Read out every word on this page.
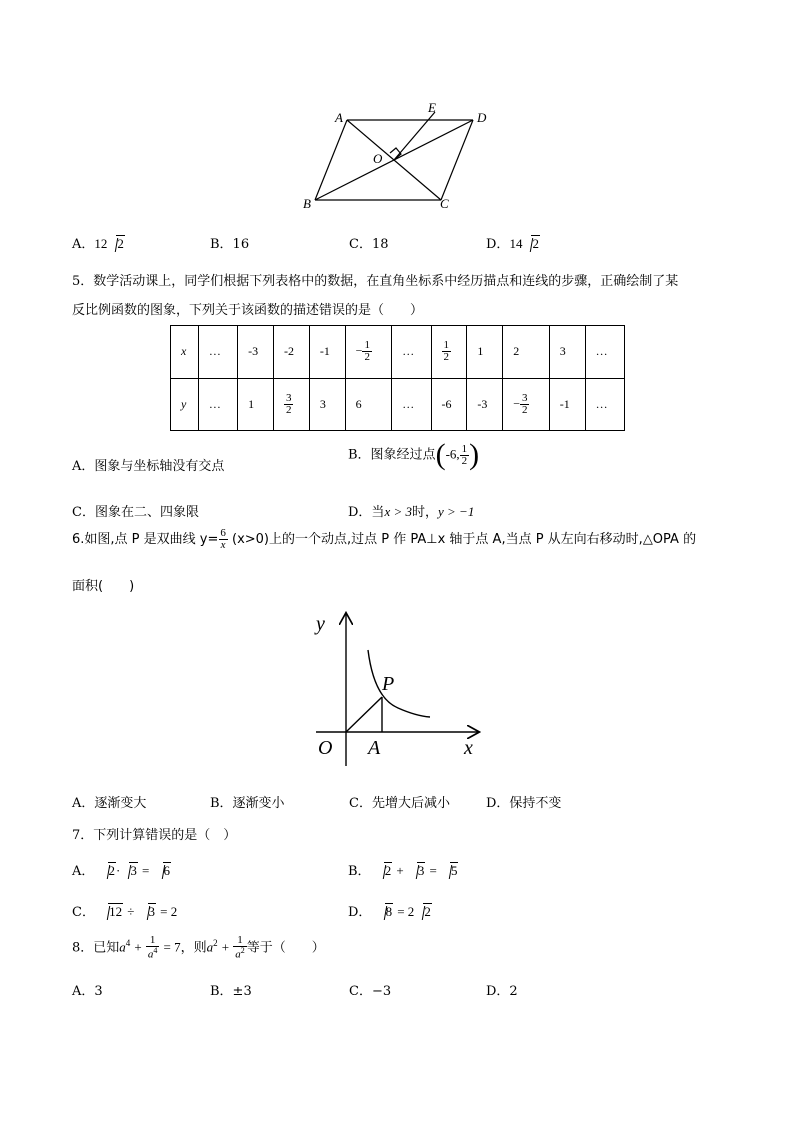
A
E
D
O
B	C
A．12 2	B．16	C．18	D．14 2
5．数学活动课上，同学们根据下列表格中的数据，在直角坐标系中经历描点和连线的步骤，正确绘制了某
反比例函数的图象，下列关于该函数的描述错误的是（　　）
x	…	-3	-2	-1	− $\frac{1}{2}$	…	$\frac{1}{2}$	1	2	3	…
y	…	1	$\frac{3}{2}$	3	6	…	-6	-3	− $\frac{3}{2}$	-1	…
A．图象与坐标轴没有交点
B．图象经过点(-6, $\frac{1}{2}$ )
C．图象在二、四象限	D．当x > 3时，y > −1
6.如图,点 P 是双曲线 $y= \frac{6}{x} (x>0)$上的一个动点,过点 P 作 PA⊥x 轴于点 A,当点 P 从左向右移动时,△OPA 的
面积(　　)
y
x
O A
P
A．逐渐变大	B．逐渐变小	C．先增大后减小	D．保持不变
7．下列计算错误的是（　）
A． 2· 3 = 6	B． 2 + 3 = 5
C． 12 ÷ 3 = 2	D． 8 = 2 2
8．已知$a^4 + \frac{1}{a^4} = 7$，则$a^2 + \frac{1}{a^2}$ 等于（　　）
A．3	B．±3	C．−3	D．2
